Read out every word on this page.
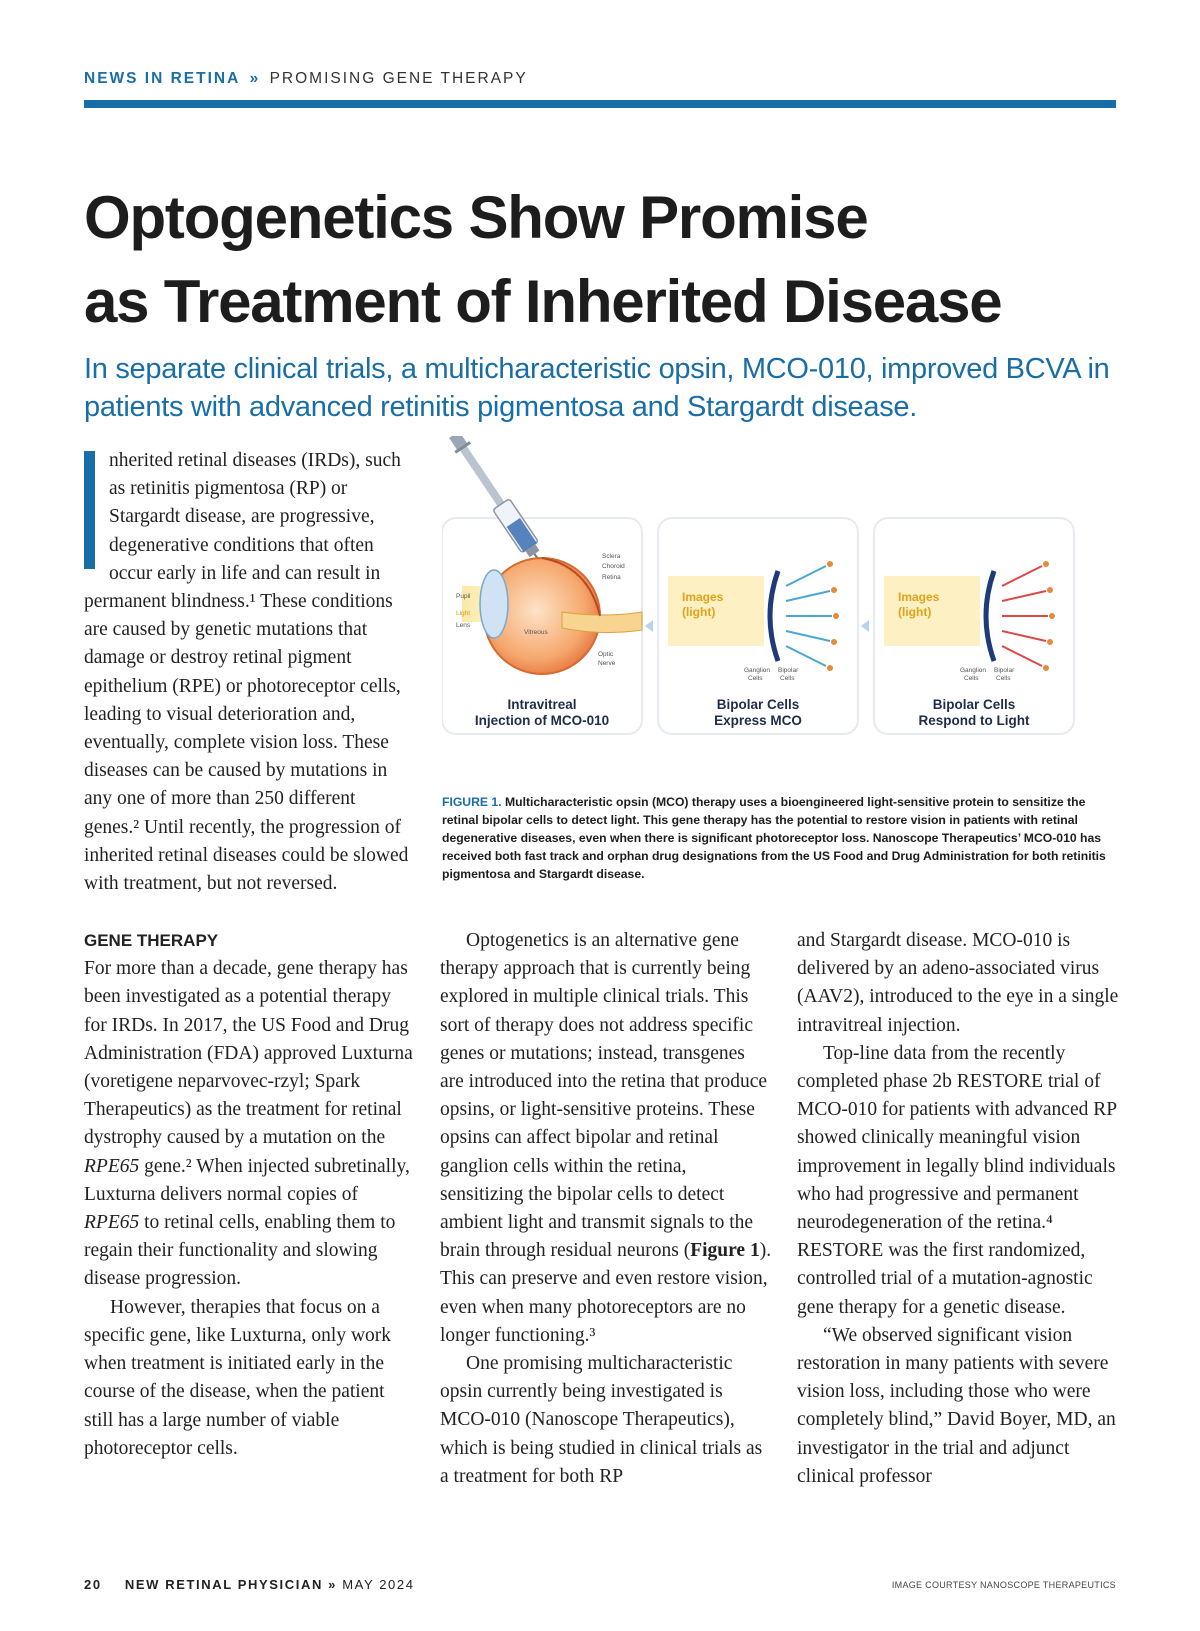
NEWS IN RETINA » PROMISING GENE THERAPY
Optogenetics Show Promise
as Treatment of Inherited Disease

In separate clinical trials, a multicharacteristic opsin, MCO-010, improved BCVA in patients with advanced retinitis pigmentosa and Stargardt disease.

nherited retinal diseases (IRDs), such as retinitis pigmentosa (RP) or Stargardt disease, are progressive, degenerative conditions that often occur early in life and can result in permanent blindness.¹ These conditions are caused by genetic mutations that damage or destroy retinal pigment epithelium (RPE) or photoreceptor cells, leading to visual deterioration and, eventually, complete vision loss. These diseases can be caused by mutations in any one of more than 250 different genes.² Until recently, the progression of inherited retinal diseases could be slowed with treatment, but not reversed.

GENE THERAPY

For more than a decade, gene therapy has been investigated as a potential therapy for IRDs. In 2017, the US Food and Drug Administration (FDA) approved Luxturna (voretigene neparvovec-rzyl; Spark Therapeutics) as the treatment for retinal dystrophy caused by a mutation on the RPE65 gene.² When injected subretinally, Luxturna delivers normal copies of RPE65 to retinal cells, enabling them to regain their functionality and slowing disease progression.

However, therapies that focus on a specific gene, like Luxturna, only work when treatment is initiated early in the course of the disease, when the patient still has a large number of viable photoreceptor cells.

Sclera
Choroid
Retina
Pupil
Light
Lens
Vitreous
Optic
Nerve
Images
(light)
Ganglion
Cells
Bipolar
Cells
Images
(light)
Ganglion
Cells
Bipolar
Cells
Intravitreal
Injection of MCO-010
Bipolar Cells
Express MCO
Bipolar Cells
Respond to Light

FIGURE 1. Multicharacteristic opsin (MCO) therapy uses a bioengineered light-sensitive protein to sensitize the retinal bipolar cells to detect light. This gene therapy has the potential to restore vision in patients with retinal degenerative diseases, even when there is significant photoreceptor loss. Nanoscope Therapeutics’ MCO-010 has received both fast track and orphan drug designations from the US Food and Drug Administration for both retinitis pigmentosa and Stargardt disease.

Optogenetics is an alternative gene therapy approach that is currently being explored in multiple clinical trials. This sort of therapy does not address specific genes or mutations; instead, transgenes are introduced into the retina that produce opsins, or light-sensitive proteins. These opsins can affect bipolar and retinal ganglion cells within the retina, sensitizing the bipolar cells to detect ambient light and transmit signals to the brain through residual neurons (Figure 1). This can preserve and even restore vision, even when many photoreceptors are no longer functioning.³

One promising multicharacteristic opsin currently being investigated is MCO-010 (Nanoscope Therapeutics), which is being studied in clinical trials as a treatment for both RP

and Stargardt disease. MCO-010 is delivered by an adeno-associated virus (AAV2), introduced to the eye in a single intravitreal injection.

Top-line data from the recently completed phase 2b RESTORE trial of MCO-010 for patients with advanced RP showed clinically meaningful vision improvement in legally blind individuals who had progressive and permanent neurodegeneration of the retina.⁴ RESTORE was the first randomized, controlled trial of a mutation-agnostic gene therapy for a genetic disease.

“We observed significant vision restoration in many patients with severe vision loss, including those who were completely blind,” David Boyer, MD, an investigator in the trial and adjunct clinical professor

20 NEW RETINAL PHYSICIAN » MAY 2024	IMAGE COURTESY NANOSCOPE THERAPEUTICS
